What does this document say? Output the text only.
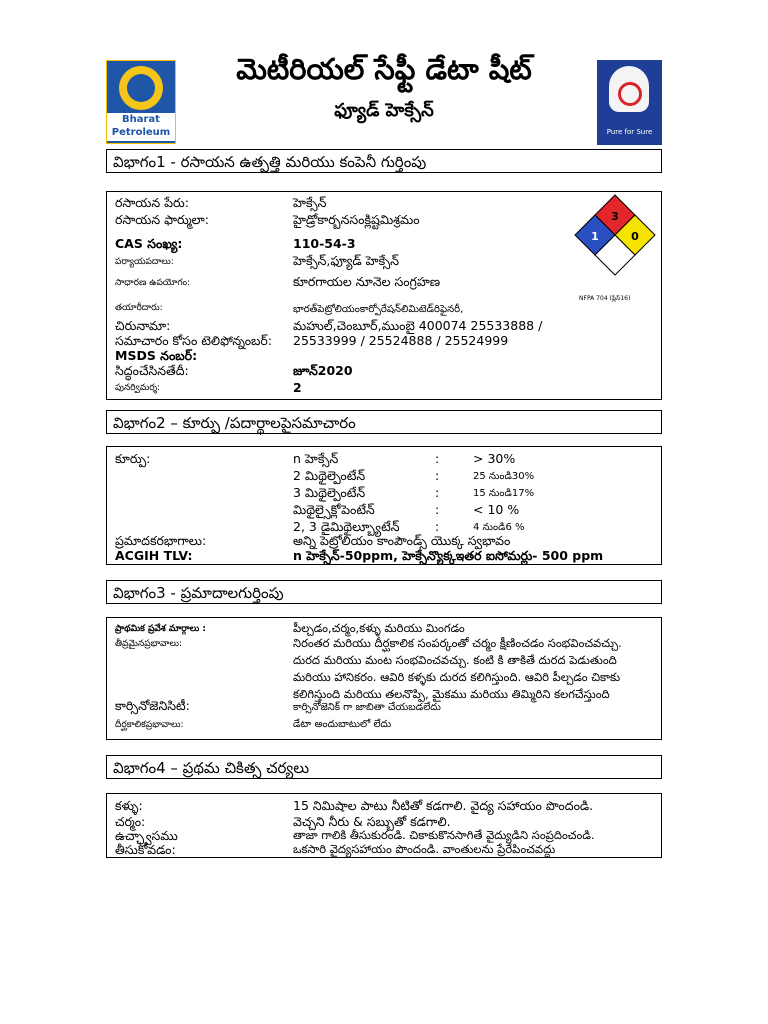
మెటీరియల్ సేఫ్టీ డేటా షీట్
ఫ్యూడ్ హెక్సేన్
Bharat Petroleum	Pure for Sure
విభాగం1 - రసాయన ఉత్పత్తి మరియు కంపెనీ గుర్తింపు
రసాయన పేరు:	హెక్సేన్
రసాయన ఫార్ములా:	హైడ్రోకార్బనసంక్లిష్టమిశ్రమం
CAS సంఖ్య:	110-54-3
పర్యాయపదాలు:	హెక్సేన్,ఫ్యూడ్ హెక్సేన్
సాధారణ ఉపయోగం:	కూరగాయల నూనెల సంగ్రహణ
తయారీదారు:	భారత్‌పెట్రోలియంకార్పోరేషన్‌లిమిటెడ్‌రిఫైనరీ,
చిరునామా:	మహుల్,చెంబూర్,ముంబై 400074 25533888 /
సమాచారం కోసం టెలిఫోన్నంబర్: 25533999 / 25524888 / 25524999
MSDS నంబర్:
సిద్ధంచేసినతేదీ:	జూన్2020
పునర్విమర్శ:	2
3
1	0
NFPA 704 (ప్లేస్16)
విభాగం2 – కూర్పు /పదార్థాలపైసమాచారం
కూర్పు:	n హెక్సేన్	:	> 30%
2 మిథైల్పెంటేన్	:	25 నుండి30%
3 మిథైల్పెంటేన్	:	15 నుండి17%
మిథైల్సైక్లోపెంటేన్	:	< 10 %
2, 3 డైమిథైల్బ్యూటేన్	:	4 నుండి6 %
ప్రమాదకరభాగాలు:	అన్ని పెట్రోలియం కాంపౌండ్స్ యొక్క స్వభావం
ACGIH TLV:	n హెక్సేన్-50ppm, హెక్సేన్యొక్కఇతర ఐసోమర్లు- 500 ppm
విభాగం3 - ప్రమాదాలగుర్తింపు
ప్రాథమిక ప్రవేశ మార్గాలు :	పీల్చడం,చర్మం,కళ్ళు మరియు మింగడం
తీవ్రమైనప్రభావాలు:	నిరంతర మరియు దీర్ఘకాలిక సంపర్కంతో చర్మం క్షీణించడం సంభవించవచ్చు.
దురద మరియు మంట సంభవించవచ్చు. కంటి కి తాకితే దురద పెడుతుంది
మరియు హానికరం. ఆవిరి కళ్ళకు దురద కలిగిస్తుంది. ఆవిరి పీల్చడం చికాకు
కలిగిస్తుంది మరియు తలనొప్పి, మైకము మరియు తిమ్మిరిని కలగచేస్తుంది
కార్సినోజెనిసిటీ:	కార్సినోజెనిక్ గా జాబితా చేయబడలేదు
దీర్ఘకాలికప్రభావాలు:	డేటా అందుబాటులో లేదు
విభాగం4 – ప్రథమ చికిత్స చర్యలు
కళ్ళు:	15 నిమిషాల పాటు నీటితో కడగాలి. వైద్య సహాయం పొందండి.
చర్మం:	వెచ్చని నీరు & సబ్బుతో కడగాలి.
ఉచ్ఛ్వాసము	తాజా గాలికి తీసుకురండి. చికాకుకొనసాగితే వైద్యుడిని సంప్రదించండి.
తీసుకోవడం:	ఒకసారి వైద్యసహాయం పొందండి. వాంతులను ప్రేరేపించవద్దు
